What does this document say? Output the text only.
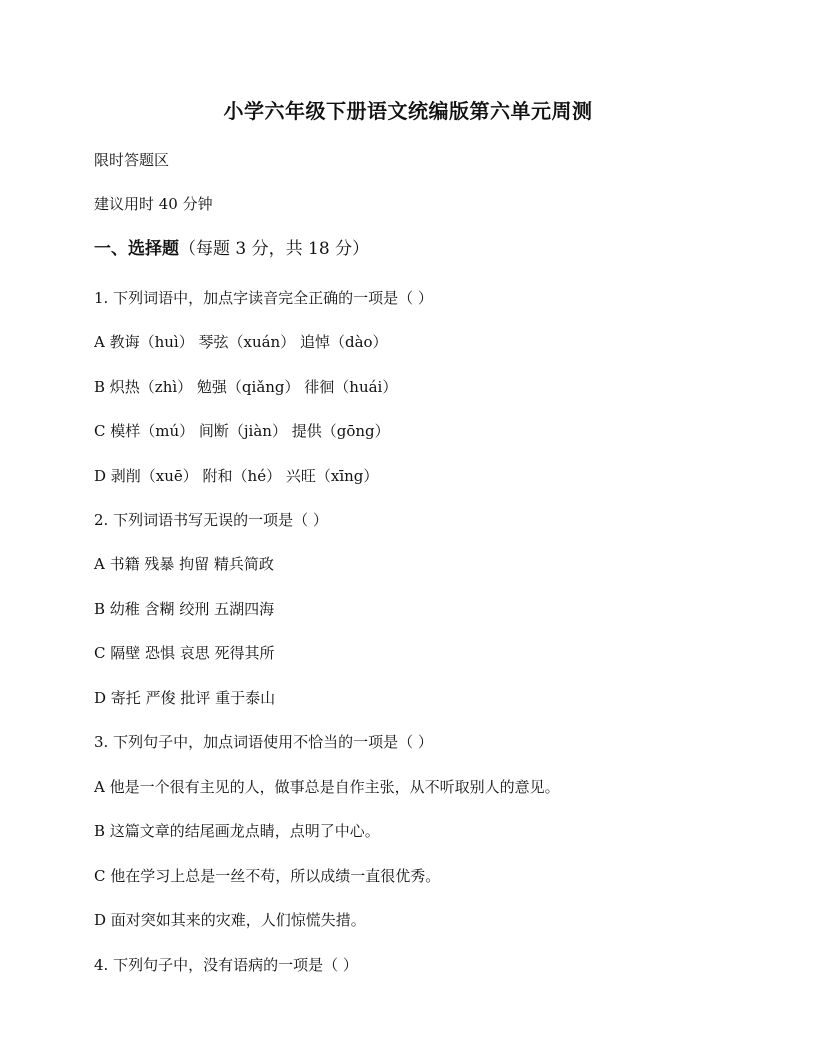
小学六年级下册语文统编版第六单元周测
限时答题区
建议用时 40 分钟
一、选择题（每题 3 分，共 18 分）
1. 下列词语中，加点字读音完全正确的一项是（ ）
A 教诲（huì） 琴弦（xuán） 追悼（dào）
B 炽热（zhì） 勉强（qiǎng） 徘徊（huái）
C 模样（mú） 间断（jiàn） 提供（gōng）
D 剥削（xuē） 附和（hé） 兴旺（xīng）
2. 下列词语书写无误的一项是（ ）
A 书籍 残暴 拘留 精兵简政
B 幼稚 含糊 绞刑 五湖四海
C 隔壁 恐惧 哀思 死得其所
D 寄托 严俊 批评 重于泰山
3. 下列句子中，加点词语使用不恰当的一项是（ ）
A 他是一个很有主见的人，做事总是自作主张，从不听取别人的意见。
B 这篇文章的结尾画龙点睛，点明了中心。
C 他在学习上总是一丝不苟，所以成绩一直很优秀。
D 面对突如其来的灾难，人们惊慌失措。
4. 下列句子中，没有语病的一项是（ ）
